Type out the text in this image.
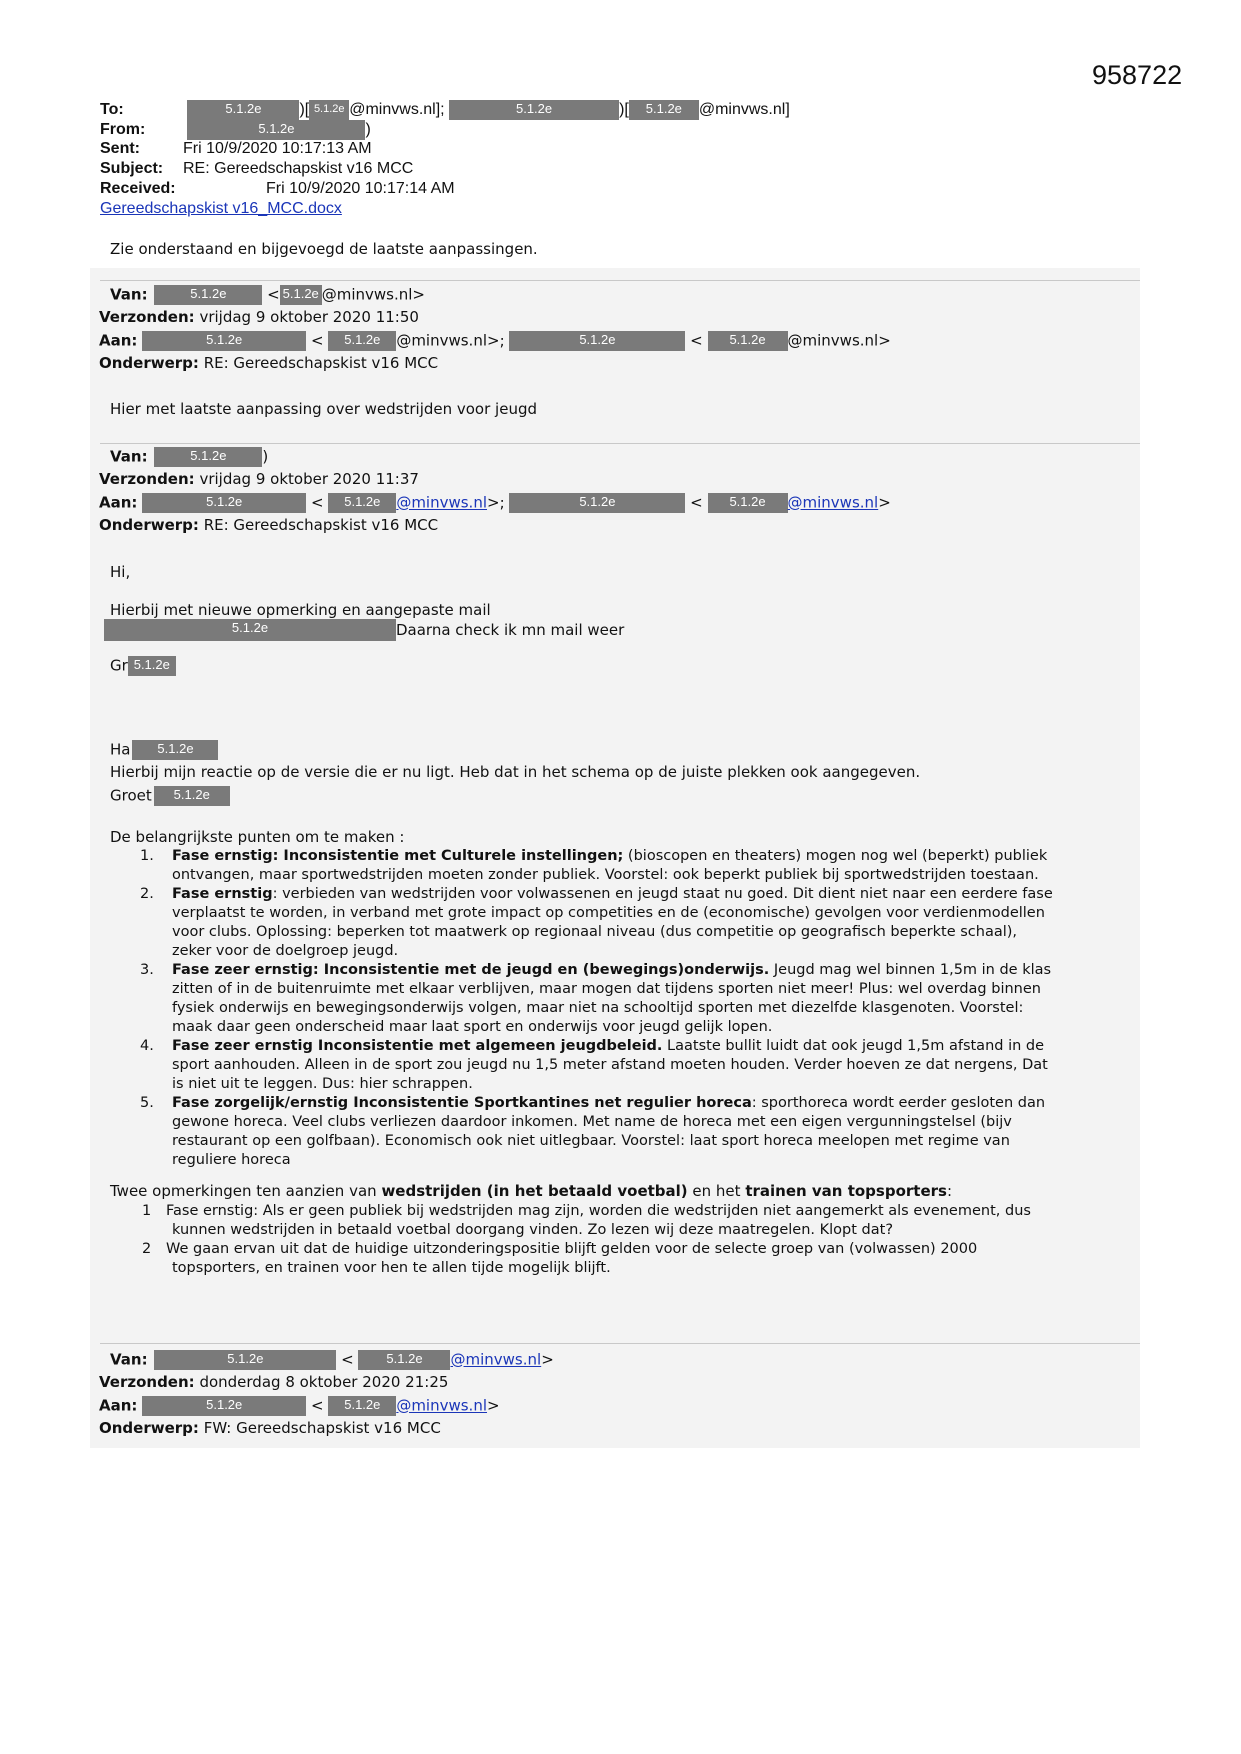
958722
To:	5.1.2e )[ 5.1.2e @minvws.nl];	5.1.2e	)[ 5.1.2e @minvws.nl]
From:	5.1.2e	)
Sent:	Fri 10/9/2020 10:17:13 AM
Subject: RE: Gereedschapskist v16 MCC
Received:	Fri 10/9/2020 10:17:14 AM
Gereedschapskist v16_MCC.docx
Zie onderstaand en bijgevoegd de laatste aanpassingen.
Van:	5.1.2e < 5.1.2e @minvws.nl>
Verzonden: vrijdag 9 oktober 2020 11:50
Aan:	5.1.2e	< 5.1.2e @minvws.nl>;	5.1.2e	< 5.1.2e @minvws.nl>
Onderwerp: RE: Gereedschapskist v16 MCC
Hier met laatste aanpassing over wedstrijden voor jeugd
Van:	5.1.2e )
Verzonden: vrijdag 9 oktober 2020 11:37
Aan:	5.1.2e	< 5.1.2e @minvws.nl>;	5.1.2e	< 5.1.2e @minvws.nl>
Onderwerp: RE: Gereedschapskist v16 MCC
Hi,
Hierbij met nieuwe opmerking en aangepaste mail
5.1.2e	Daarna check ik mn mail weer
Gr 5.1.2e
Ha 5.1.2e
Hierbij mijn reactie op de versie die er nu ligt. Heb dat in het schema op de juiste plekken ook aangegeven.
Groet 5.1.2e
De belangrijkste punten om te maken :
1. Fase ernstig: Inconsistentie met Culturele instellingen; (bioscopen en theaters) mogen nog wel (beperkt) publiek
ontvangen, maar sportwedstrijden moeten zonder publiek. Voorstel: ook beperkt publiek bij sportwedstrijden toestaan.
2. Fase ernstig: verbieden van wedstrijden voor volwassenen en jeugd staat nu goed. Dit dient niet naar een eerdere fase
verplaatst te worden, in verband met grote impact op competities en de (economische) gevolgen voor verdienmodellen
voor clubs. Oplossing: beperken tot maatwerk op regionaal niveau (dus competitie op geografisch beperkte schaal),
zeker voor de doelgroep jeugd.
3. Fase zeer ernstig: Inconsistentie met de jeugd en (bewegings)onderwijs. Jeugd mag wel binnen 1,5m in de klas
zitten of in de buitenruimte met elkaar verblijven, maar mogen dat tijdens sporten niet meer! Plus: wel overdag binnen
fysiek onderwijs en bewegingsonderwijs volgen, maar niet na schooltijd sporten met diezelfde klasgenoten. Voorstel:
maak daar geen onderscheid maar laat sport en onderwijs voor jeugd gelijk lopen.
4. Fase zeer ernstig Inconsistentie met algemeen jeugdbeleid. Laatste bullit luidt dat ook jeugd 1,5m afstand in de
sport aanhouden. Alleen in de sport zou jeugd nu 1,5 meter afstand moeten houden. Verder hoeven ze dat nergens, Dat
is niet uit te leggen. Dus: hier schrappen.
5. Fase zorgelijk/ernstig Inconsistentie Sportkantines net regulier horeca: sporthoreca wordt eerder gesloten dan
gewone horeca. Veel clubs verliezen daardoor inkomen. Met name de horeca met een eigen vergunningstelsel (bijv
restaurant op een golfbaan). Economisch ook niet uitlegbaar. Voorstel: laat sport horeca meelopen met regime van
reguliere horeca
Twee opmerkingen ten aanzien van wedstrijden (in het betaald voetbal) en het trainen van topsporters:
1 Fase ernstig: Als er geen publiek bij wedstrijden mag zijn, worden die wedstrijden niet aangemerkt als evenement, dus
kunnen wedstrijden in betaald voetbal doorgang vinden. Zo lezen wij deze maatregelen. Klopt dat?
2 We gaan ervan uit dat de huidige uitzonderingspositie blijft gelden voor de selecte groep van (volwassen) 2000
topsporters, en trainen voor hen te allen tijde mogelijk blijft.
Van:	5.1.2e	< 5.1.2e @minvws.nl>
Verzonden: donderdag 8 oktober 2020 21:25
Aan:	5.1.2e	< 5.1.2e @minvws.nl>
Onderwerp: FW: Gereedschapskist v16 MCC
